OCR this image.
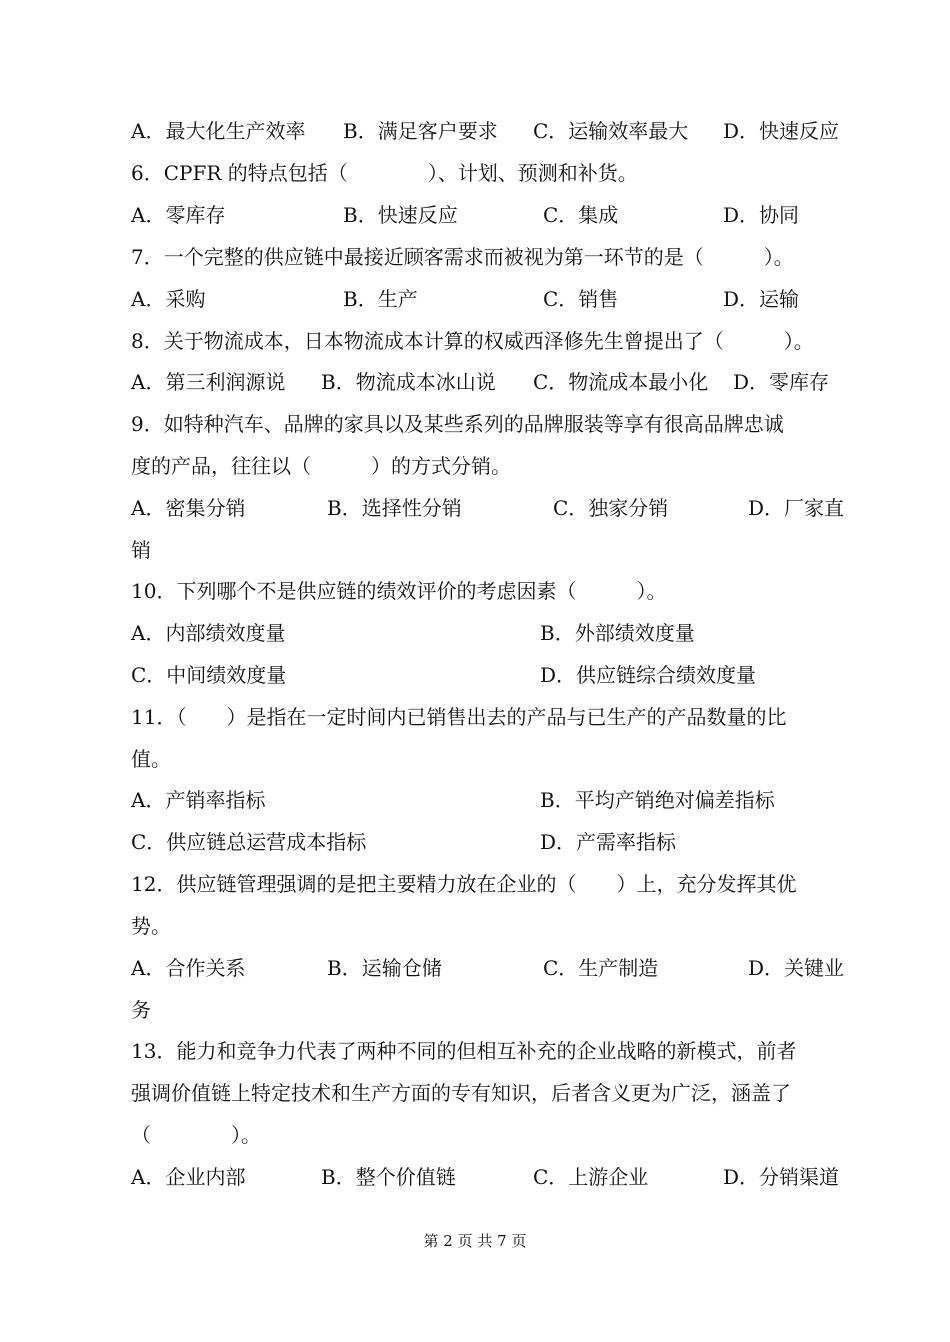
A．最大化生产效率 B．满足客户要求 C．运输效率最大 D．快速反应
6．CPFR 的特点包括（　　　　）、计划、预测和补货。
A．零库存	B．快速反应	C．集成	D．协同
7．一个完整的供应链中最接近顾客需求而被视为第一环节的是（　　　）。
A．采购	B．生产	C．销售	D．运输
8．关于物流成本，日本物流成本计算的权威西泽修先生曾提出了（　　　）。
A．第三利润源说 B．物流成本冰山说 C．物流成本最小化 D．零库存
9．如特种汽车、品牌的家具以及某些系列的品牌服装等享有很高品牌忠诚
度的产品，往往以（　　　）的方式分销。
A．密集分销	B．选择性分销	C．独家分销	D．厂家直
销
10．下列哪个不是供应链的绩效评价的考虑因素（　　　）。
A．内部绩效度量	B．外部绩效度量
C．中间绩效度量	D．供应链综合绩效度量
11．（　　）是指在一定时间内已销售出去的产品与已生产的产品数量的比
值。
A．产销率指标	B．平均产销绝对偏差指标
C．供应链总运营成本指标	D．产需率指标
12．供应链管理强调的是把主要精力放在企业的（　　）上，充分发挥其优
势。
A．合作关系	B．运输仓储	C．生产制造	D．关键业
务
13．能力和竞争力代表了两种不同的但相互补充的企业战略的新模式，前者
强调价值链上特定技术和生产方面的专有知识，后者含义更为广泛，涵盖了
（　　　　）。
A．企业内部	B．整个价值链	C．上游企业	D．分销渠道
第 2 页 共 7 页
